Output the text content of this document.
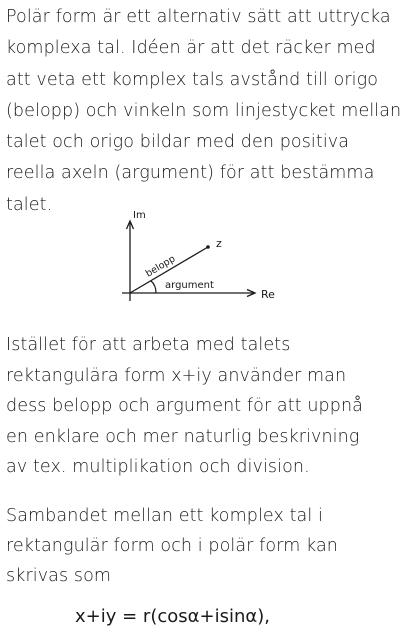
Polär form är ett alternativ sätt att uttrycka
komplexa tal. Idéen är att det räcker med
att veta ett komplex tals avstånd till origo
(belopp) och vinkeln som linjestycket mellan
talet och origo bildar med den positiva
reella axeln (argument) för att bestämma
talet.
Im
Re
z
belopp
argument
Istället för att arbeta med talets
rektangulära form x+iy använder man
dess belopp och argument för att uppnå
en enklare och mer naturlig beskrivning
av tex. multiplikation och division.
Sambandet mellan ett komplex tal i
rektangulär form och i polär form kan
skrivas som
x+iy = r(cosα+isinα),
